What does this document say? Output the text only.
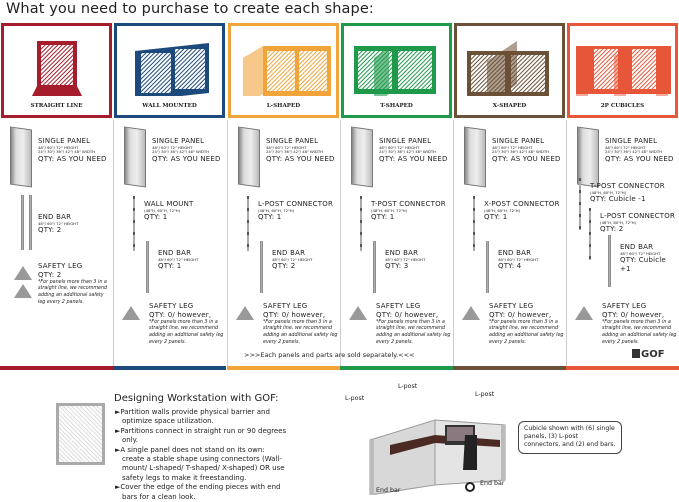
What you need to purchase to create each shape:
STRAIGHT LINE	WALL MOUNTED	L-SHAPED	T-SHAPED	X-SHAPED	2P CUBICLES
SINGLE PANEL
48"/ 60"/ 72" HEIGHT
24"/ 30"/ 36"/ 42"/ 48" WIDTH
QTY: AS YOU NEED
END BAR
48"/ 60"/ 72" HEIGHT
QTY: 2
SAFETY LEG
QTY: 2
*For panels more than 3 in a straight line, we recommend adding an additional safety leg every 2 panels.
SINGLE PANEL
48"/ 60"/ 72" HEIGHT
24"/ 30"/ 36"/ 42"/ 48" WIDTH
QTY: AS YOU NEED
WALL MOUNT
(48"H, 60"H, 72"H)
QTY: 1
END BAR
48"/ 60"/ 72" HEIGHT
QTY: 1
SAFETY LEG
QTY: 0/ however,
*For panels more than 3 in a straight line, we recommend adding an additional safety leg every 2 panels.
SINGLE PANEL
48"/ 60"/ 72" HEIGHT
24"/ 30"/ 36"/ 42"/ 48" WIDTH
QTY: AS YOU NEED
L-POST CONNECTOR
(48"H, 60"H, 72"H)
QTY: 1
END BAR
48"/ 60"/ 72" HEIGHT
QTY: 2
SAFETY LEG
QTY: 0/ however,
*For panels more than 3 in a straight line, we recommend adding an additional safety leg every 2 panels.
SINGLE PANEL
48"/ 60"/ 72" HEIGHT
24"/ 30"/ 36"/ 42"/ 48" WIDTH
QTY: AS YOU NEED
T-POST CONNECTOR
(48"H, 60"H, 72"H)
QTY: 1
END BAR
48"/ 60"/ 72" HEIGHT
QTY: 3
SAFETY LEG
QTY: 0/ however,
*For panels more than 3 in a straight line, we recommend adding an additional safety leg every 2 panels.
SINGLE PANEL
48"/ 60"/ 72" HEIGHT
24"/ 30"/ 36"/ 42"/ 48" WIDTH
QTY: AS YOU NEED
X-POST CONNECTOR
(48"H, 60"H, 72"H)
QTY: 1
END BAR
48"/ 60"/ 72" HEIGHT
QTY: 4
SAFETY LEG
QTY: 0/ however,
*For panels more than 3 in a straight line, we recommend adding an additional safety leg every 2 panels.
SINGLE PANEL
48"/ 60"/ 72" HEIGHT
24"/ 30"/ 36"/ 42"/ 48" WIDTH
QTY: AS YOU NEED
T-POST CONNECTOR
(48"H, 60"H, 72"H)
QTY: Cubicle -1
L-POST CONNECTOR
(48"H, 60"H, 72"H)
QTY: 2
END BAR
48"/ 60"/ 72" HEIGHT
QTY: Cubicle +1
SAFETY LEG
QTY: 0/ however,
*For panels more than 3 in a straight line, we recommend adding an additional safety leg every 2 panels.
>>>Each panels and parts are sold separately.<<<	GOF
Designing Workstation with GOF:
►Partition walls provide physical barrier and optimize space utilization.
►Partitions connect in straight run or 90 degrees only.
►A single panel does not stand on its own: create a stable shape using connectors (Wall-mount/ L-shaped/ T-shaped/ X-shaped) OR use safety legs to make it freestanding.
►Cover the edge of the ending pieces with end bars for a clean look.
L-post
L-post
L-post
End bar
End bar
Cubicle shown with (6) single panels, (3) L-post connectors, and (2) end bars.
